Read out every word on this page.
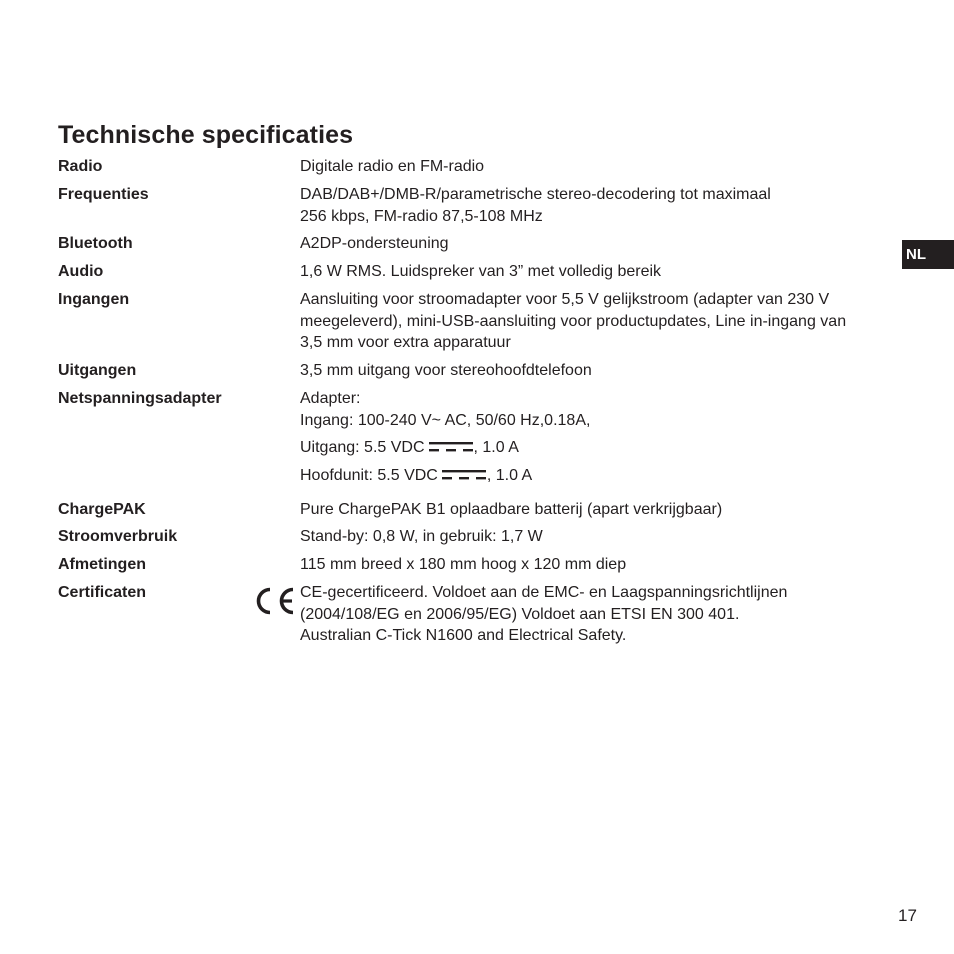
Technische specificaties
NL
Radio	Digitale radio en FM-radio
Frequenties	DAB/DAB+/DMB-R/parametrische stereo-decodering tot maximaal
256 kbps, FM-radio 87,5-108 MHz
Bluetooth	A2DP-ondersteuning
Audio	1,6 W RMS. Luidspreker van 3” met volledig bereik
Ingangen	Aansluiting voor stroomadapter voor 5,5 V gelijkstroom (adapter van 230 V
meegeleverd), mini-USB-aansluiting voor productupdates, Line in-ingang van
3,5 mm voor extra apparatuur
Uitgangen	3,5 mm uitgang voor stereohoofdtelefoon
Netspanningsadapter	Adapter:
Ingang: 100-240 V~ AC, 50/60 Hz,0.18A,
Uitgang: 5.5 VDC	, 1.0 A
Hoofdunit: 5.5 VDC	, 1.0 A
ChargePAK	Pure ChargePAK B1 oplaadbare batterij (apart verkrijgbaar)
Stroomverbruik	Stand-by: 0,8 W, in gebruik: 1,7 W
Afmetingen	115 mm breed x 180 mm hoog x 120 mm diep
Certificaten	CE-gecertificeerd. Voldoet aan de EMC- en Laagspanningsrichtlijnen
(2004/108/EG en 2006/95/EG) Voldoet aan ETSI EN 300 401.
Australian C-Tick N1600 and Electrical Safety.
17
